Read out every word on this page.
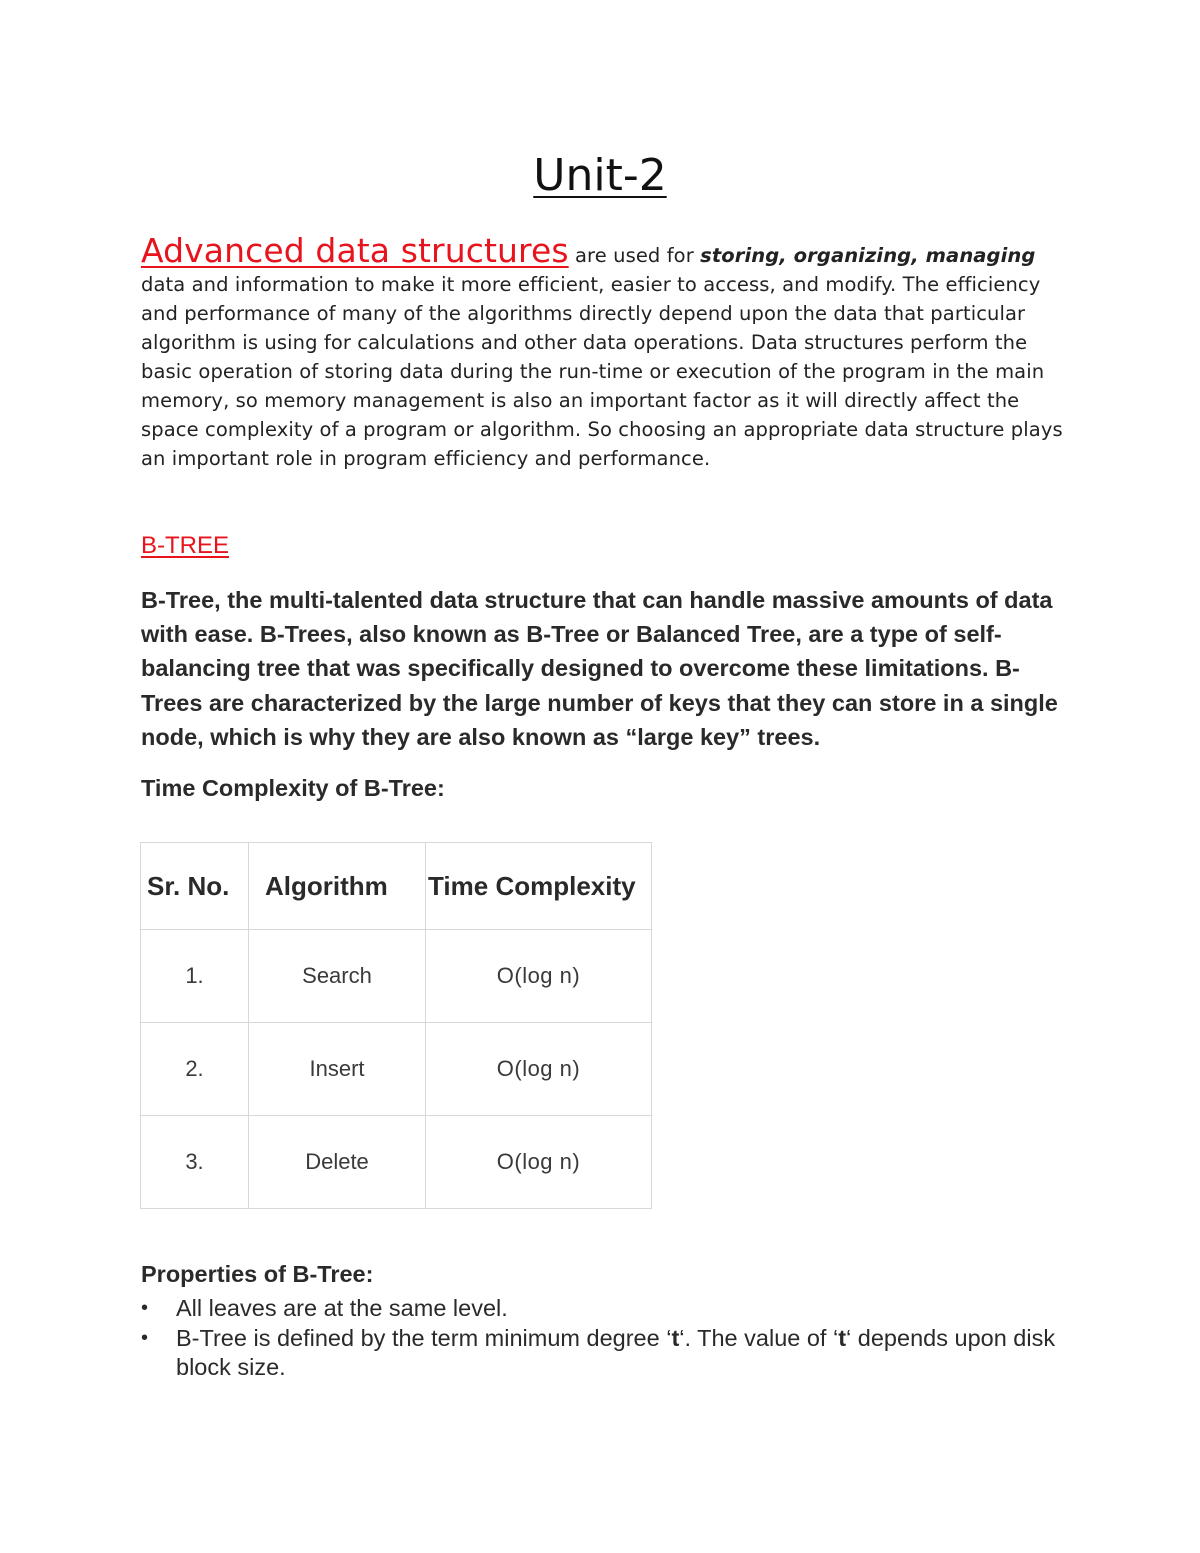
Unit-2
Advanced data structures are used for storing, organizing, managing data and information to make it more efficient, easier to access, and modify. The efficiency and performance of many of the algorithms directly depend upon the data that particular algorithm is using for calculations and other data operations. Data structures perform the basic operation of storing data during the run-time or execution of the program in the main memory, so memory management is also an important factor as it will directly affect the space complexity of a program or algorithm. So choosing an appropriate data structure plays an important role in program efficiency and performance.
B-TREE
B-Tree, the multi-talented data structure that can handle massive amounts of data with ease. B-Trees, also known as B-Tree or Balanced Tree, are a type of self-balancing tree that was specifically designed to overcome these limitations. B-Trees are characterized by the large number of keys that they can store in a single node, which is why they are also known as “large key” trees.
Time Complexity of B-Tree:
Sr. No.	Algorithm	Time Complexity
1.	Search	O(log n)
2.	Insert	O(log n)
3.	Delete	O(log n)
Properties of B-Tree:
• All leaves are at the same level.
• B-Tree is defined by the term minimum degree ‘t‘. The value of ‘t‘ depends upon disk block size.
